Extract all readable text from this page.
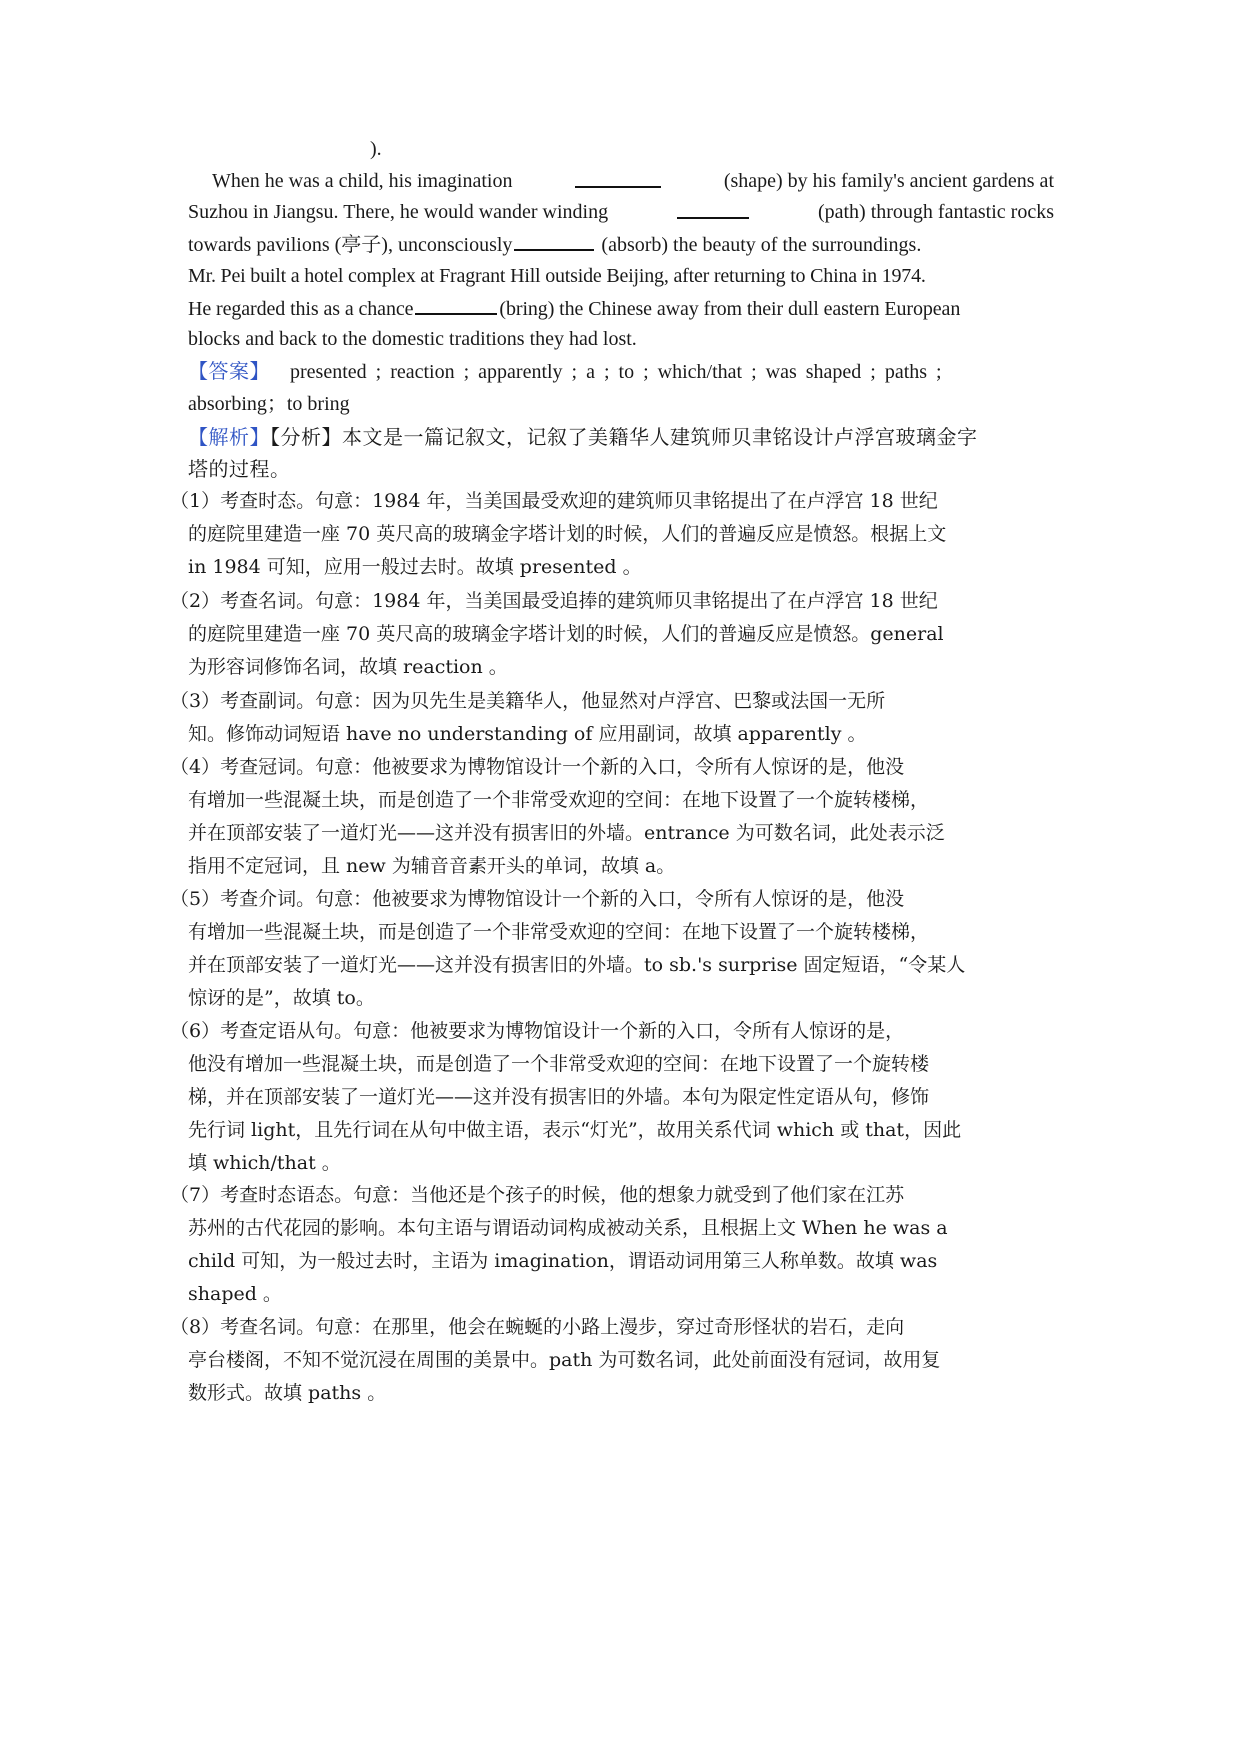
).
When he was a child, his imagination	(shape) by his family's ancient gardens at
Suzhou in Jiangsu. There, he would wander winding	(path) through fantastic rocks
towards pavilions (亭子), unconsciously	(absorb) the beauty of the surroundings.
Mr. Pei built a hotel complex at Fragrant Hill outside Beijing, after returning to China in 1974.
He regarded this as a chance	(bring) the Chinese away from their dull eastern European
blocks and back to the domestic traditions they had lost.
【答案】 presented ; reaction ; apparently ; a ; to ; which/that ; was shaped ; paths ;
absorbing；to bring
【解析】【分析】本文是一篇记叙文，记叙了美籍华人建筑师贝聿铭设计卢浮宫玻璃金字
塔的过程。
（1）考查时态。句意：1984 年，当美国最受欢迎的建筑师贝聿铭提出了在卢浮宫 18 世纪
的庭院里建造一座 70 英尺高的玻璃金字塔计划的时候，人们的普遍反应是愤怒。根据上文
in 1984 可知，应用一般过去时。故填 presented 。
（2）考查名词。句意：1984 年，当美国最受追捧的建筑师贝聿铭提出了在卢浮宫 18 世纪
的庭院里建造一座 70 英尺高的玻璃金字塔计划的时候，人们的普遍反应是愤怒。general
为形容词修饰名词，故填 reaction 。
（3）考查副词。句意：因为贝先生是美籍华人，他显然对卢浮宫、巴黎或法国一无所
知。修饰动词短语 have no understanding of 应用副词，故填 apparently 。
（4）考查冠词。句意：他被要求为博物馆设计一个新的入口，令所有人惊讶的是，他没
有增加一些混凝土块，而是创造了一个非常受欢迎的空间：在地下设置了一个旋转楼梯，
并在顶部安装了一道灯光——这并没有损害旧的外墙。entrance 为可数名词，此处表示泛
指用不定冠词，且 new 为辅音音素开头的单词，故填 a。
（5）考查介词。句意：他被要求为博物馆设计一个新的入口，令所有人惊讶的是，他没
有增加一些混凝土块，而是创造了一个非常受欢迎的空间：在地下设置了一个旋转楼梯，
并在顶部安装了一道灯光——这并没有损害旧的外墙。to sb.'s surprise 固定短语，“令某人
惊讶的是”，故填 to。
（6）考查定语从句。句意：他被要求为博物馆设计一个新的入口，令所有人惊讶的是，
他没有增加一些混凝土块，而是创造了一个非常受欢迎的空间：在地下设置了一个旋转楼
梯，并在顶部安装了一道灯光——这并没有损害旧的外墙。本句为限定性定语从句，修饰
先行词 light，且先行词在从句中做主语，表示“灯光”，故用关系代词 which 或 that，因此
填 which/that 。
（7）考查时态语态。句意：当他还是个孩子的时候，他的想象力就受到了他们家在江苏
苏州的古代花园的影响。本句主语与谓语动词构成被动关系，且根据上文 When he was a
child 可知，为一般过去时，主语为 imagination，谓语动词用第三人称单数。故填 was
shaped 。
（8）考查名词。句意：在那里，他会在蜿蜒的小路上漫步，穿过奇形怪状的岩石，走向
亭台楼阁，不知不觉沉浸在周围的美景中。path 为可数名词，此处前面没有冠词，故用复
数形式。故填 paths 。
